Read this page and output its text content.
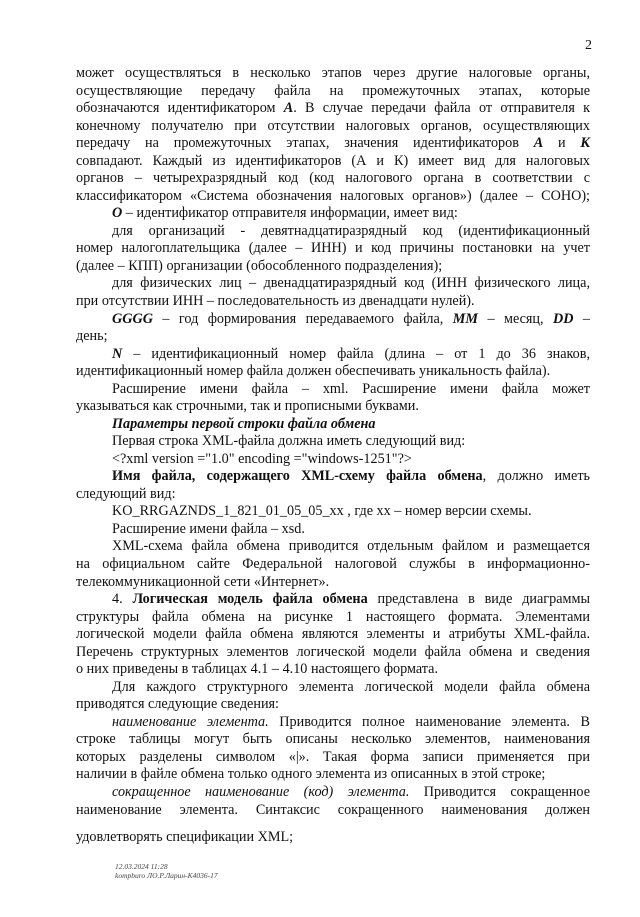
2
может осуществляться в несколько этапов через другие налоговые органы,
осуществляющие передачу файла на промежуточных этапах, которые
обозначаются идентификатором А. В случае передачи файла от отправителя к
конечному получателю при отсутствии налоговых органов, осуществляющих
передачу на промежуточных этапах, значения идентификаторов А и К
совпадают. Каждый из идентификаторов (А и К) имеет вид для налоговых
органов – четырехразрядный код (код налогового органа в соответствии с
классификатором «Система обозначения налоговых органов») (далее – СОНО);
O – идентификатор отправителя информации, имеет вид:
для организаций - девятнадцатиразрядный код (идентификационный
номер налогоплательщика (далее – ИНН) и код причины постановки на учет
(далее – КПП) организации (обособленного подразделения);
для физических лиц – двенадцатиразрядный код (ИНН физического лица,
при отсутствии ИНН – последовательность из двенадцати нулей).
GGGG – год формирования передаваемого файла, MM – месяц, DD –
день;
N – идентификационный номер файла (длина – от 1 до 36 знаков,
идентификационный номер файла должен обеспечивать уникальность файла).
Расширение имени файла – xml. Расширение имени файла может
указываться как строчными, так и прописными буквами.
Параметры первой строки файла обмена
Первая строка XML-файла должна иметь следующий вид:
<?xml version ="1.0" encoding ="windows-1251"?>
Имя файла, содержащего XML-схему файла обмена, должно иметь
следующий вид:
KO_RRGAZNDS_1_821_01_05_05_xx , где хх – номер версии схемы.
Расширение имени файла – xsd.
XML-схема файла обмена приводится отдельным файлом и размещается
на официальном сайте Федеральной налоговой службы в информационно-
телекоммуникационной сети «Интернет».
4. Логическая модель файла обмена представлена в виде диаграммы
структуры файла обмена на рисунке 1 настоящего формата. Элементами
логической модели файла обмена являются элементы и атрибуты XML-файла.
Перечень структурных элементов логической модели файла обмена и сведения
о них приведены в таблицах 4.1 – 4.10 настоящего формата.
Для каждого структурного элемента логической модели файла обмена
приводятся следующие сведения:
наименование элемента. Приводится полное наименование элемента. В
строке таблицы могут быть описаны несколько элементов, наименования
которых разделены символом «|». Такая форма записи применяется при
наличии в файле обмена только одного элемента из описанных в этой строке;
сокращенное наименование (код) элемента. Приводится сокращенное
наименование элемента. Синтаксис сокращенного наименования должен
удовлетворять спецификации XML;
12.03.2024 11:28
kompburo ЛО.Р.Ларин-К4036-17
